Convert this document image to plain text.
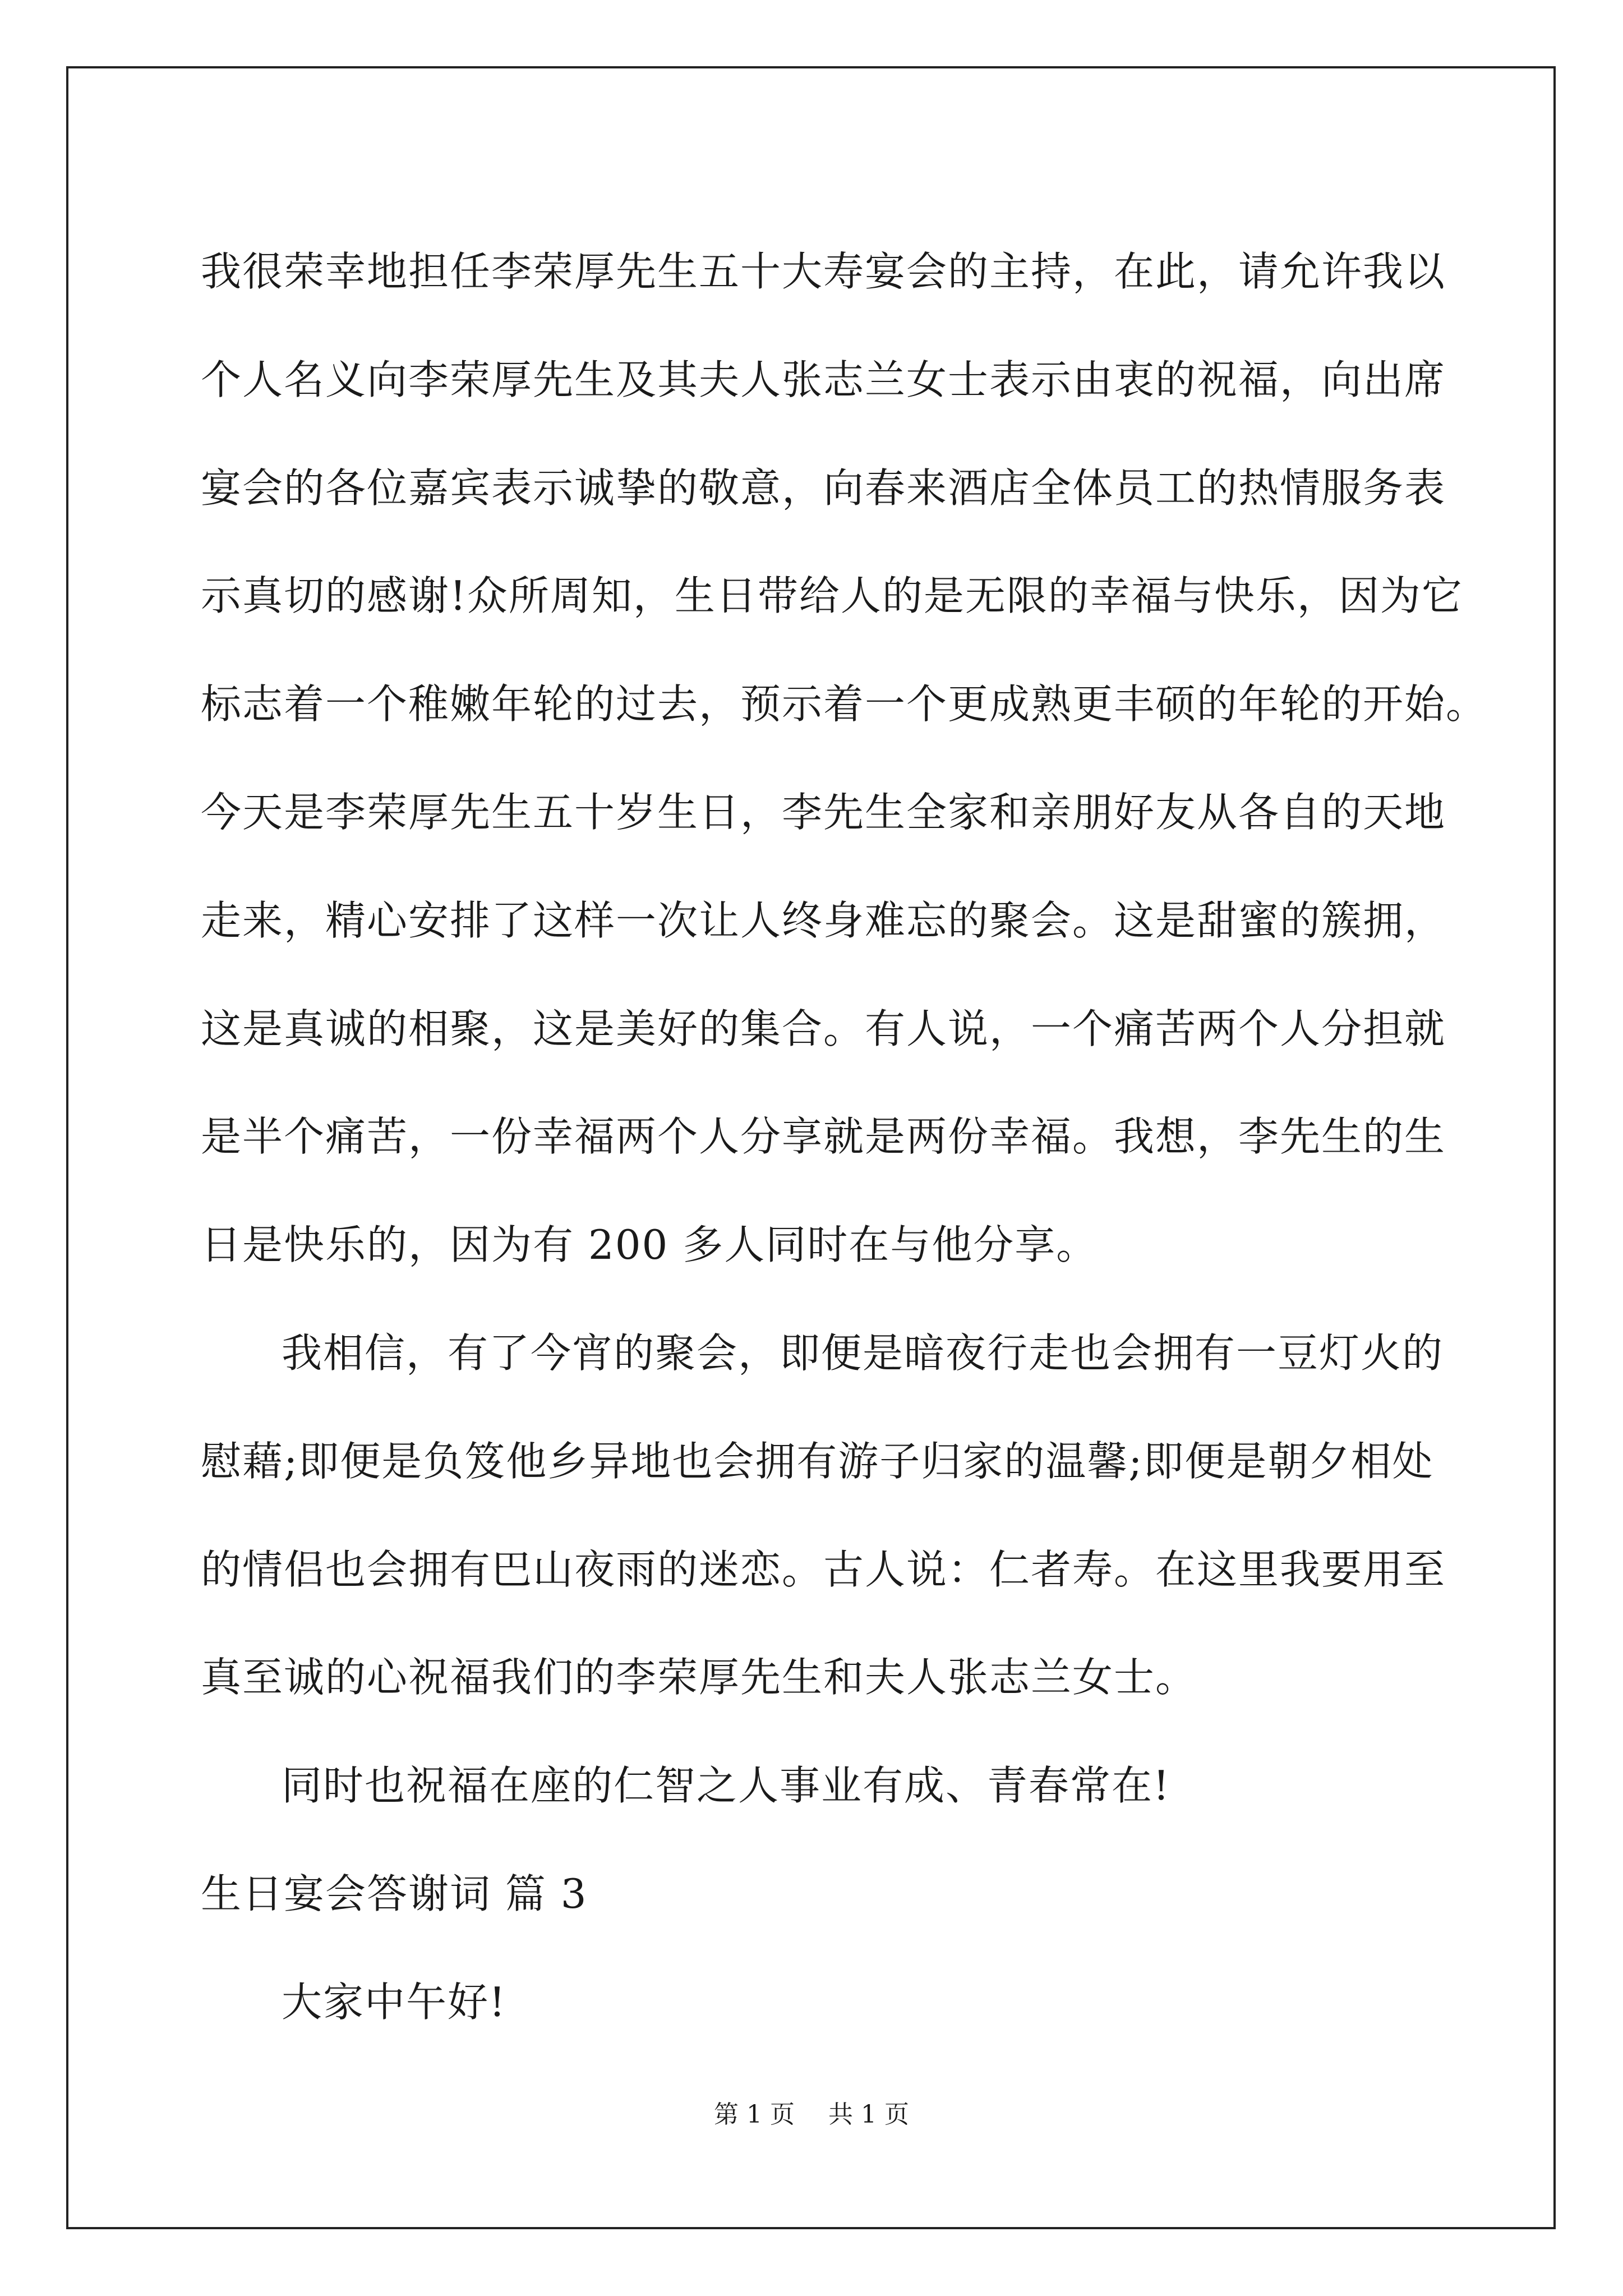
我很荣幸地担任李荣厚先生五十大寿宴会的主持，在此，请允许我以
个人名义向李荣厚先生及其夫人张志兰女士表示由衷的祝福，向出席
宴会的各位嘉宾表示诚挚的敬意，向春来酒店全体员工的热情服务表
示真切的感谢!众所周知，生日带给人的是无限的幸福与快乐，因为它
标志着一个稚嫩年轮的过去，预示着一个更成熟更丰硕的年轮的开始。
今天是李荣厚先生五十岁生日，李先生全家和亲朋好友从各自的天地
走来，精心安排了这样一次让人终身难忘的聚会。这是甜蜜的簇拥，
这是真诚的相聚，这是美好的集合。有人说，一个痛苦两个人分担就
是半个痛苦，一份幸福两个人分享就是两份幸福。我想，李先生的生
日是快乐的，因为有 200 多人同时在与他分享。
我相信，有了今宵的聚会，即便是暗夜行走也会拥有一豆灯火的
慰藉;即便是负笈他乡异地也会拥有游子归家的温馨;即便是朝夕相处
的情侣也会拥有巴山夜雨的迷恋。古人说：仁者寿。在这里我要用至
真至诚的心祝福我们的李荣厚先生和夫人张志兰女士。
同时也祝福在座的仁智之人事业有成、青春常在!
生日宴会答谢词 篇 3
大家中午好!
第 1 页 共 1 页
